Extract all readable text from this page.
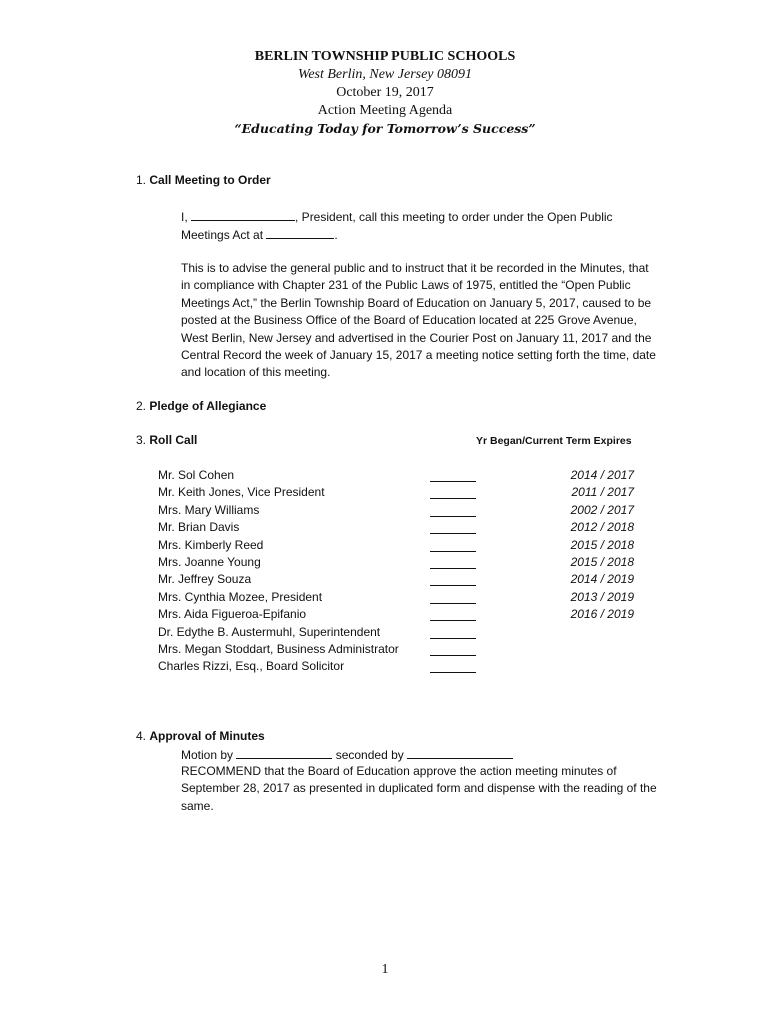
BERLIN TOWNSHIP PUBLIC SCHOOLS
West Berlin, New Jersey 08091
October 19, 2017
Action Meeting Agenda
“Educating Today for Tomorrow’s Success”
1. Call Meeting to Order
I,	, President, call this meeting to order under the Open Public
Meetings Act at	.
This is to advise the general public and to instruct that it be recorded in the Minutes, that in compliance with Chapter 231 of the Public Laws of 1975, entitled the “Open Public Meetings Act,” the Berlin Township Board of Education on January 5, 2017, caused to be posted at the Business Office of the Board of Education located at 225 Grove Avenue, West Berlin, New Jersey and advertised in the Courier Post on January 11, 2017 and the Central Record the week of January 15, 2017 a meeting notice setting forth the time, date and location of this meeting.
2. Pledge of Allegiance
3. Roll Call	Yr Began/Current Term Expires
Mr. Sol Cohen	2014 / 2017
Mr. Keith Jones, Vice President	2011 / 2017
Mrs. Mary Williams	2002 / 2017
Mr. Brian Davis	2012 / 2018
Mrs. Kimberly Reed	2015 / 2018
Mrs. Joanne Young	2015 / 2018
Mr. Jeffrey Souza	2014 / 2019
Mrs. Cynthia Mozee, President	2013 / 2019
Mrs. Aida Figueroa-Epifanio	2016 / 2019
Dr. Edythe B. Austermuhl, Superintendent
Mrs. Megan Stoddart, Business Administrator
Charles Rizzi, Esq., Board Solicitor
4. Approval of Minutes
Motion by	seconded by
RECOMMEND that the Board of Education approve the action meeting minutes of September 28, 2017 as presented in duplicated form and dispense with the reading of the same.
1
